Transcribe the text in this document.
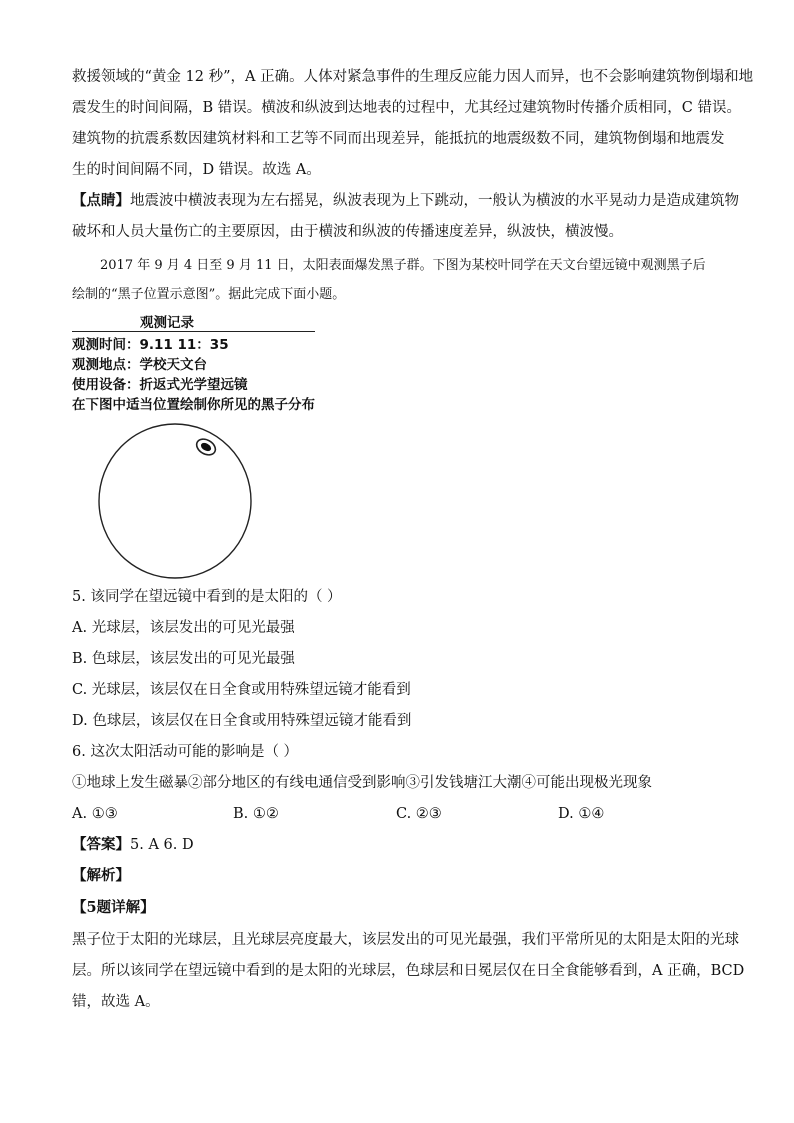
救援领域的“黄金 12 秒”，A 正确。人体对紧急事件的生理反应能力因人而异，也不会影响建筑物倒塌和地
震发生的时间间隔，B 错误。横波和纵波到达地表的过程中，尤其经过建筑物时传播介质相同，C 错误。
建筑物的抗震系数因建筑材料和工艺等不同而出现差异，能抵抗的地震级数不同，建筑物倒塌和地震发
生的时间间隔不同，D 错误。故选 A。
【点睛】地震波中横波表现为左右摇晃，纵波表现为上下跳动，一般认为横波的水平晃动力是造成建筑物
破坏和人员大量伤亡的主要原因，由于横波和纵波的传播速度差异，纵波快，横波慢。
2017 年 9 月 4 日至 9 月 11 日，太阳表面爆发黑子群。下图为某校叶同学在天文台望远镜中观测黑子后
绘制的“黑子位置示意图”。据此完成下面小题。
观测记录
观测时间：9.11 11：35
观测地点：学校天文台
使用设备：折返式光学望远镜
在下图中适当位置绘制你所见的黑子分布
5. 该同学在望远镜中看到的是太阳的（ ）
A. 光球层，该层发出的可见光最强
B. 色球层，该层发出的可见光最强
C. 光球层，该层仅在日全食或用特殊望远镜才能看到
D. 色球层，该层仅在日全食或用特殊望远镜才能看到
6. 这次太阳活动可能的影响是（ ）
①地球上发生磁暴②部分地区的有线电通信受到影响③引发钱塘江大潮④可能出现极光现象
A. ①③	B. ①②	C. ②③	D. ①④
【答案】5. A 6. D
【解析】
【5题详解】
黑子位于太阳的光球层，且光球层亮度最大，该层发出的可见光最强，我们平常所见的太阳是太阳的光球
层。所以该同学在望远镜中看到的是太阳的光球层，色球层和日冕层仅在日全食能够看到，A 正确，BCD
错，故选 A。
